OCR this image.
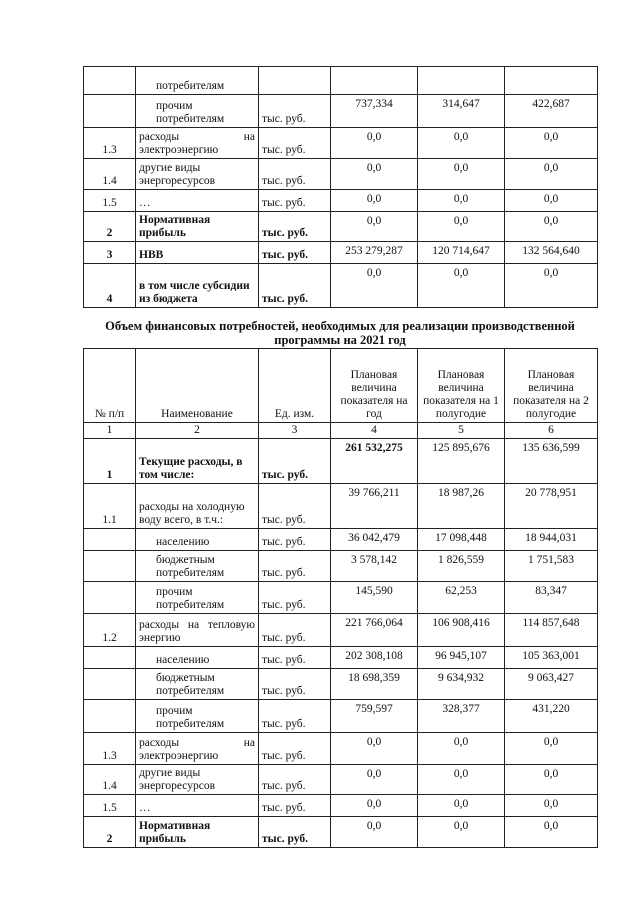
	потребителям				
	прочим потребителям	тыс. руб.	737,334	314,647	422,687
1.3	расходы на электроэнергию	тыс. руб.	0,0	0,0	0,0
1.4	другие виды энергоресурсов	тыс. руб.	0,0	0,0	0,0
1.5	…	тыс. руб.	0,0	0,0	0,0
2	Нормативная прибыль	тыс. руб.	0,0	0,0	0,0
3	НВВ	тыс. руб.	253 279,287	120 714,647	132 564,640
4	в том числе субсидии из бюджета	тыс. руб.	0,0	0,0	0,0
Объем финансовых потребностей, необходимых для реализации производственной программы на 2021 год
№ п/п	Наименование	Ед. изм.	Плановая величина показателя на год	Плановая величина показателя на 1 полугодие	Плановая величина показателя на 2 полугодие
1	2	3	4	5	6
1	Текущие расходы, в том числе:	тыс. руб.	261 532,275	125 895,676	135 636,599
1.1	расходы на холодную воду всего, в т.ч.:	тыс. руб.	39 766,211	18 987,26	20 778,951
	населению	тыс. руб.	36 042,479	17 098,448	18 944,031
	бюджетным потребителям	тыс. руб.	3 578,142	1 826,559	1 751,583
	прочим потребителям	тыс. руб.	145,590	62,253	83,347
1.2	расходы на тепловую энергию	тыс. руб.	221 766,064	106 908,416	114 857,648
	населению	тыс. руб.	202 308,108	96 945,107	105 363,001
	бюджетным потребителям	тыс. руб.	18 698,359	9 634,932	9 063,427
	прочим потребителям	тыс. руб.	759,597	328,377	431,220
1.3	расходы на электроэнергию	тыс. руб.	0,0	0,0	0,0
1.4	другие виды энергоресурсов	тыс. руб.	0,0	0,0	0,0
1.5	…	тыс. руб.	0,0	0,0	0,0
2	Нормативная прибыль	тыс. руб.	0,0	0,0	0,0
